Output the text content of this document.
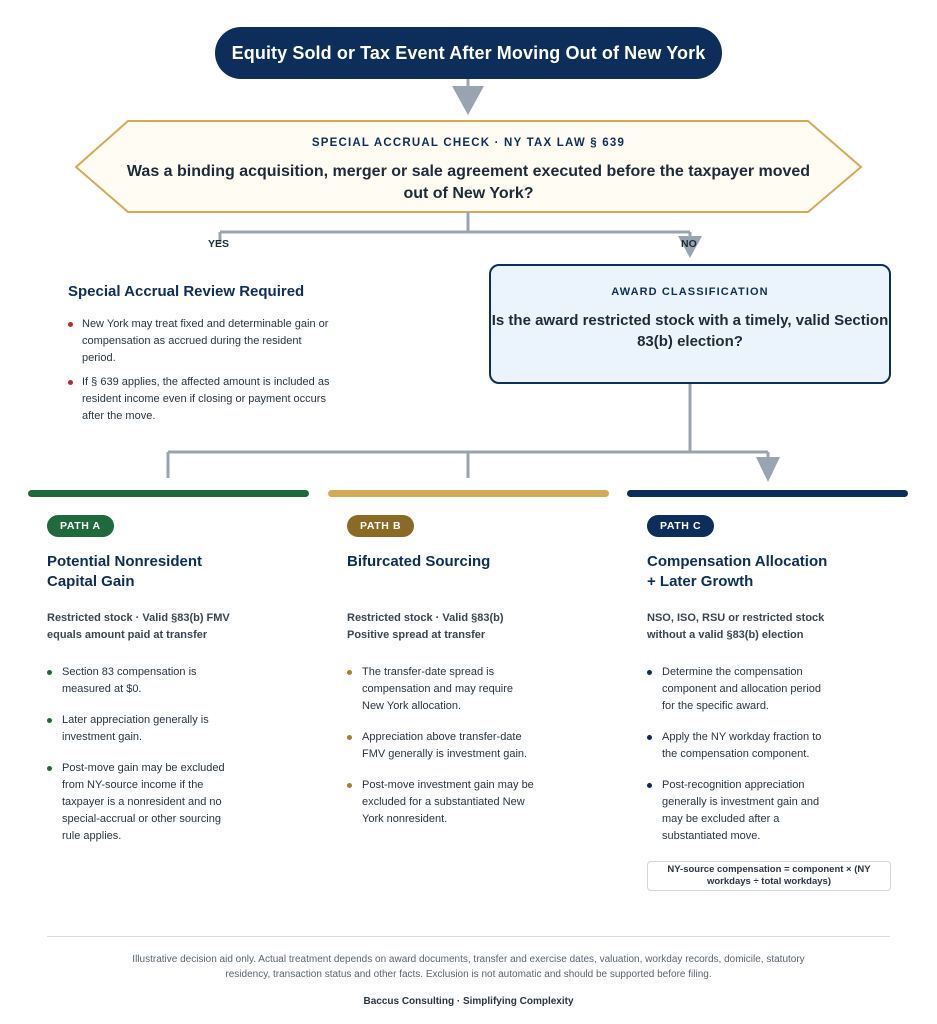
Equity Sold or Tax Event After Moving Out of New York
SPECIAL ACCRUAL CHECK · NY TAX LAW § 639
Was a binding acquisition, merger or sale agreement executed before the taxpayer moved out of New York?
YES	NO
Special Accrual Review Required
New York may treat fixed and determinable gain or compensation as accrued during the resident period.
If § 639 applies, the affected amount is included as resident income even if closing or payment occurs after the move.
AWARD CLASSIFICATION
Is the award restricted stock with a timely, valid Section 83(b) election?
PATH A
Potential Nonresident Capital Gain
Restricted stock · Valid §83(b) FMV equals amount paid at transfer
Section 83 compensation is measured at $0.
Later appreciation generally is investment gain.
Post-move gain may be excluded from NY-source income if the taxpayer is a nonresident and no special-accrual or other sourcing rule applies.
PATH B
Bifurcated Sourcing
Restricted stock · Valid §83(b) Positive spread at transfer
The transfer-date spread is compensation and may require New York allocation.
Appreciation above transfer-date FMV generally is investment gain.
Post-move investment gain may be excluded for a substantiated New York nonresident.
PATH C
Compensation Allocation + Later Growth
NSO, ISO, RSU or restricted stock without a valid §83(b) election
Determine the compensation component and allocation period for the specific award.
Apply the NY workday fraction to the compensation component.
Post-recognition appreciation generally is investment gain and may be excluded after a substantiated move.
NY-source compensation = component × (NY workdays ÷ total workdays)
Illustrative decision aid only. Actual treatment depends on award documents, transfer and exercise dates, valuation, workday records, domicile, statutory residency, transaction status and other facts. Exclusion is not automatic and should be supported before filing.
Baccus Consulting · Simplifying Complexity
